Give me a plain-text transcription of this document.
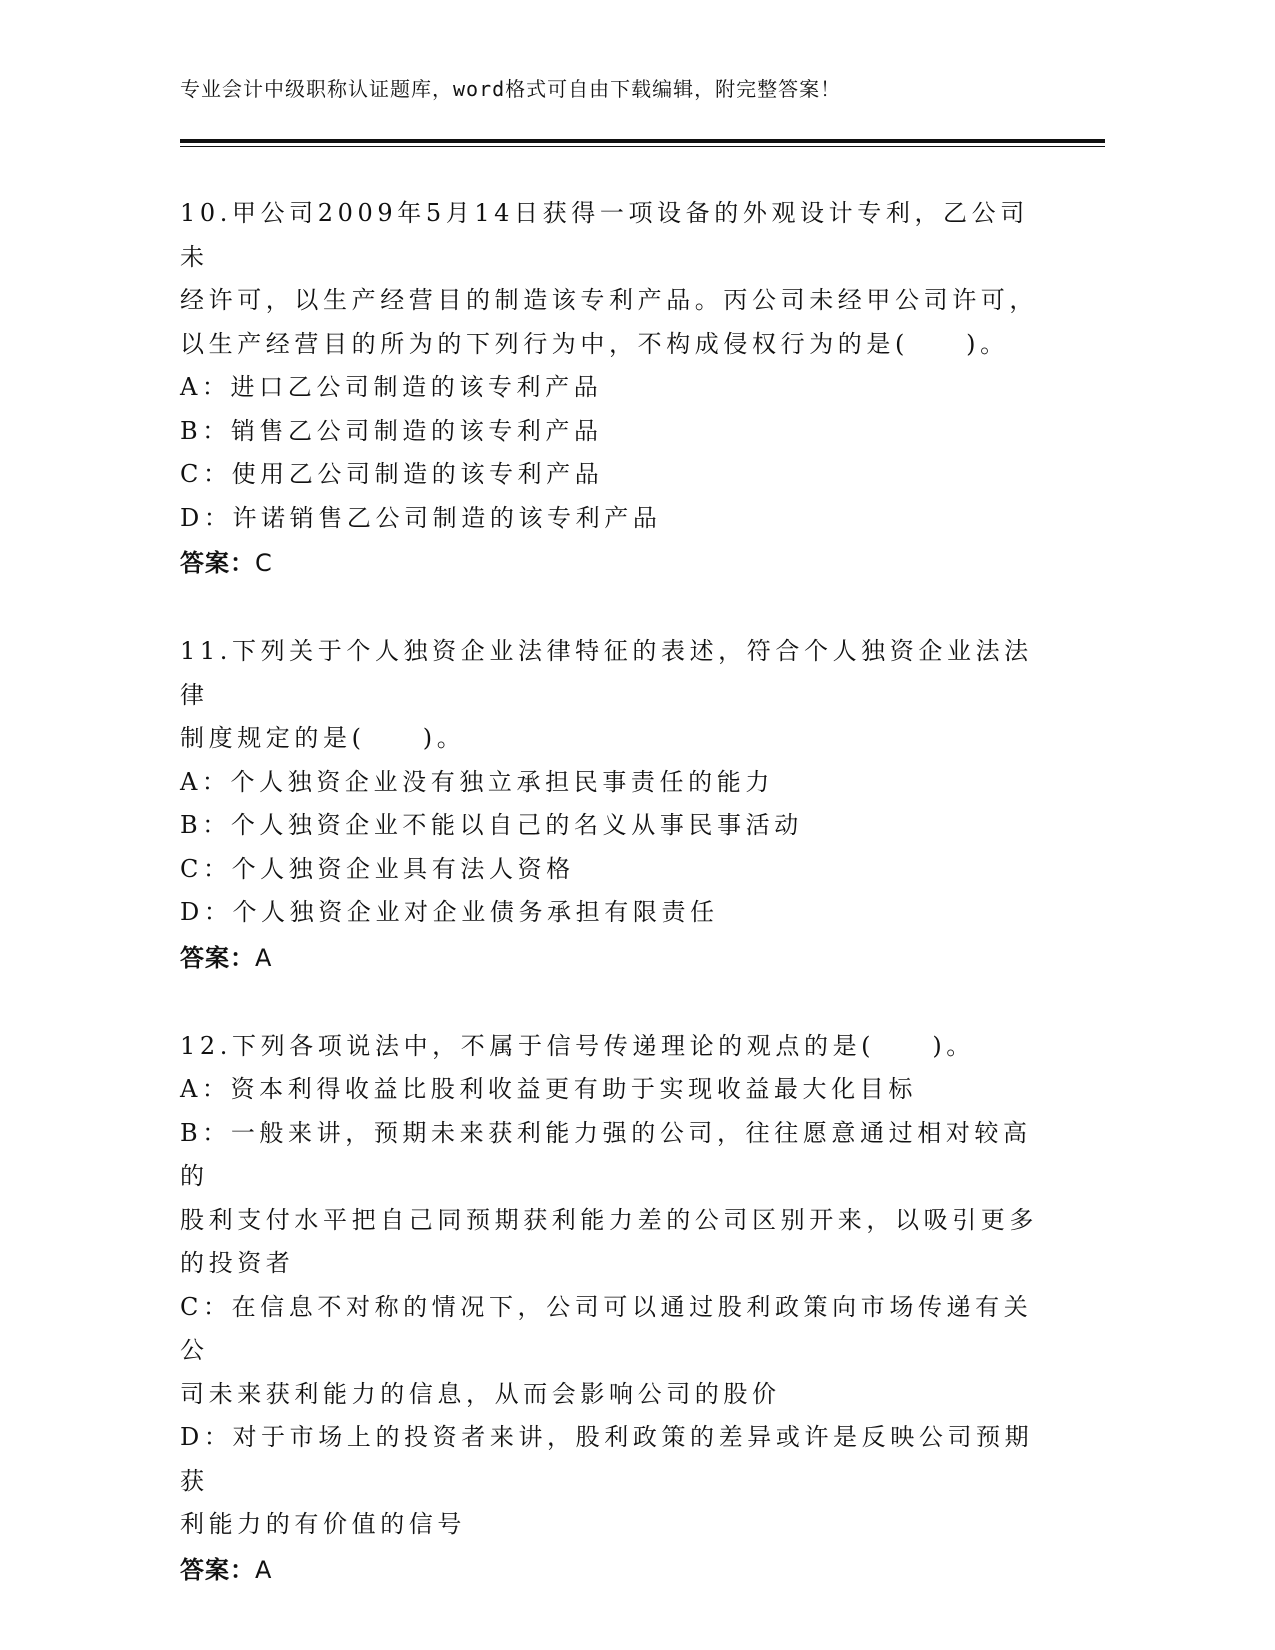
专业会计中级职称认证题库，word格式可自由下载编辑，附完整答案！

10.甲公司2009年5月14日获得一项设备的外观设计专利，乙公司未

经许可，以生产经营目的制造该专利产品。丙公司未经甲公司许可，

以生产经营目的所为的下列行为中，不构成侵权行为的是(　　)。

A：进口乙公司制造的该专利产品

B：销售乙公司制造的该专利产品

C：使用乙公司制造的该专利产品

D：许诺销售乙公司制造的该专利产品

答案：C

11.下列关于个人独资企业法律特征的表述，符合个人独资企业法法律

制度规定的是(　　)。

A：个人独资企业没有独立承担民事责任的能力

B：个人独资企业不能以自己的名义从事民事活动

C：个人独资企业具有法人资格

D：个人独资企业对企业债务承担有限责任

答案：A

12.下列各项说法中，不属于信号传递理论的观点的是(　　)。

A：资本利得收益比股利收益更有助于实现收益最大化目标

B：一般来讲，预期未来获利能力强的公司，往往愿意通过相对较高的

股利支付水平把自己同预期获利能力差的公司区别开来，以吸引更多

的投资者

C：在信息不对称的情况下，公司可以通过股利政策向市场传递有关公

司未来获利能力的信息，从而会影响公司的股价

D：对于市场上的投资者来讲，股利政策的差异或许是反映公司预期获

利能力的有价值的信号

答案：A
